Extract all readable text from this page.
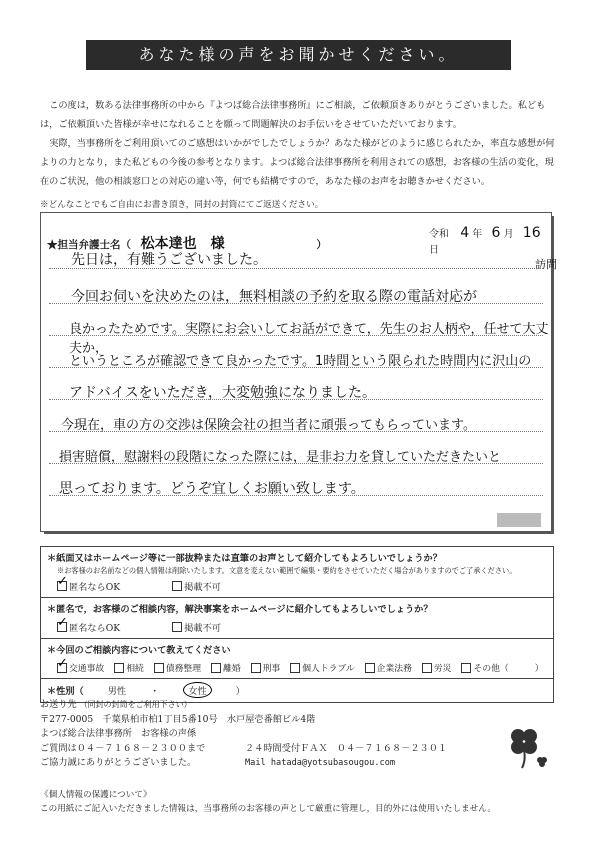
あなた様の声をお聞かせください。

この度は，数ある法律事務所の中から『よつば総合法律事務所』にご相談，ご依頼頂きありがとうございました。私どもは，ご依頼頂いた皆様が幸せになれることを願って問題解決のお手伝いをさせていただいております。

実際，当事務所をご利用頂いてのご感想はいかがでしたでしょうか？あなた様がどのように感じられたか，率直な感想が何よりの力となり，また私どもの今後の参考となります。よつば総合法律事務所を利用されての感想，お客様の生活の変化，現在のご状況，他の相談窓口との対応の違い等，何でも結構ですので，あなた様のお声をお聴きかせください。

※どんなことでもご自由にお書き頂き，同封の封筒にてご返送ください。
★担当弁護士名（ 松本達也　様	）
令和 4 年 6 月 16 日
訪問
先日は，有難うございました。
今回お伺いを決めたのは，無料相談の予約を取る際の電話対応が
良かったためです。実際にお会いしてお話ができて，先生のお人柄や，任せて大丈夫か，
というところが確認できて良かったです。1時間という限られた時間内に沢山の
アドバイスをいただき，大変勉強になりました。
今現在，車の方の交渉は保険会社の担当者に頑張ってもらっています。
損害賠償，慰謝料の段階になった際には，是非お力を貸していただきたいと
思っております。どうぞ宜しくお願い致します。
＊紙面又はホームページ等に一部抜粋または直筆のお声として紹介してもよろしいでしょうか？
※お客様のお名前などの個人情報は削除いたします。文意を変えない範囲で編集・要約をさせていただく場合がありますのでご了承ください。
✓
匿名ならOK	掲載不可
＊匿名で，お客様のご相談内容，解決事案をホームページに紹介してもよろしいでしょうか？
✓
匿名ならOK	掲載不可
＊今回のご相談内容について教えてください
✓
交通事故	相続	債務整理	離婚	刑事	個人トラブル	企業法務	労災	その他（	）
＊性別（	男性	・	女性	）
お送り先 （同封の封筒をご利用下さい）
〒277-0005　千葉県柏市柏1丁目5番10号　水戸屋壱番館ビル4階
よつば総合法律事務所　お客様の声係
ご質問は０４－７１６８－２３００まで	２４時間受付ＦＡＸ　０４－７１６８－２３０１
ご協力誠にありがとうございました。	Mail hatada@yotsubasougou.com
《個人情報の保護について》
この用紙にご記入いただきました情報は，当事務所のお客様の声として厳重に管理し，目的外には使用いたしません。
